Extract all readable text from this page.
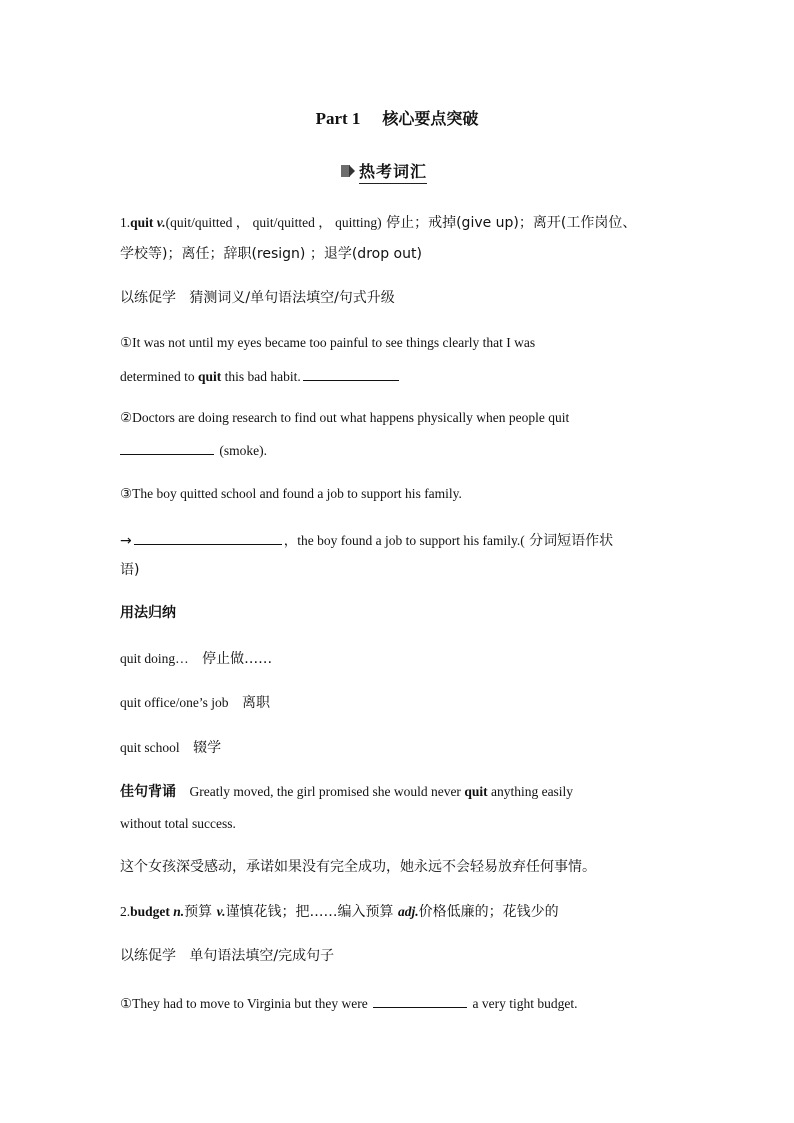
Part 1 核心要点突破
热考词汇
1.quit v.(quit/quitted ， quit/quitted ， quitting) 停止；戒掉(give up)；离开(工作岗位、
学校等)；离任；辞职(resign) ；退学(drop out)
以练促学 猜测词义/单句语法填空/句式升级
①It was not until my eyes became too painful to see things clearly that I was
determined to quit this bad habit.
②Doctors are doing research to find out what happens physically when people quit
(smoke).
③The boy quitted school and found a job to support his family.
→	，the boy found a job to support his family.( 分词短语作状
语)
用法归纳
quit doing… 停止做……
quit office/one’s job 离职
quit school 辍学
佳句背诵 Greatly moved, the girl promised she would never quit anything easily
without total success.
这个女孩深受感动，承诺如果没有完全成功，她永远不会轻易放弃任何事情。
2.budget n.预算 v.谨慎花钱；把……编入预算 adj.价格低廉的；花钱少的
以练促学 单句语法填空/完成句子
①They had to move to Virginia but they were	a very tight budget.
